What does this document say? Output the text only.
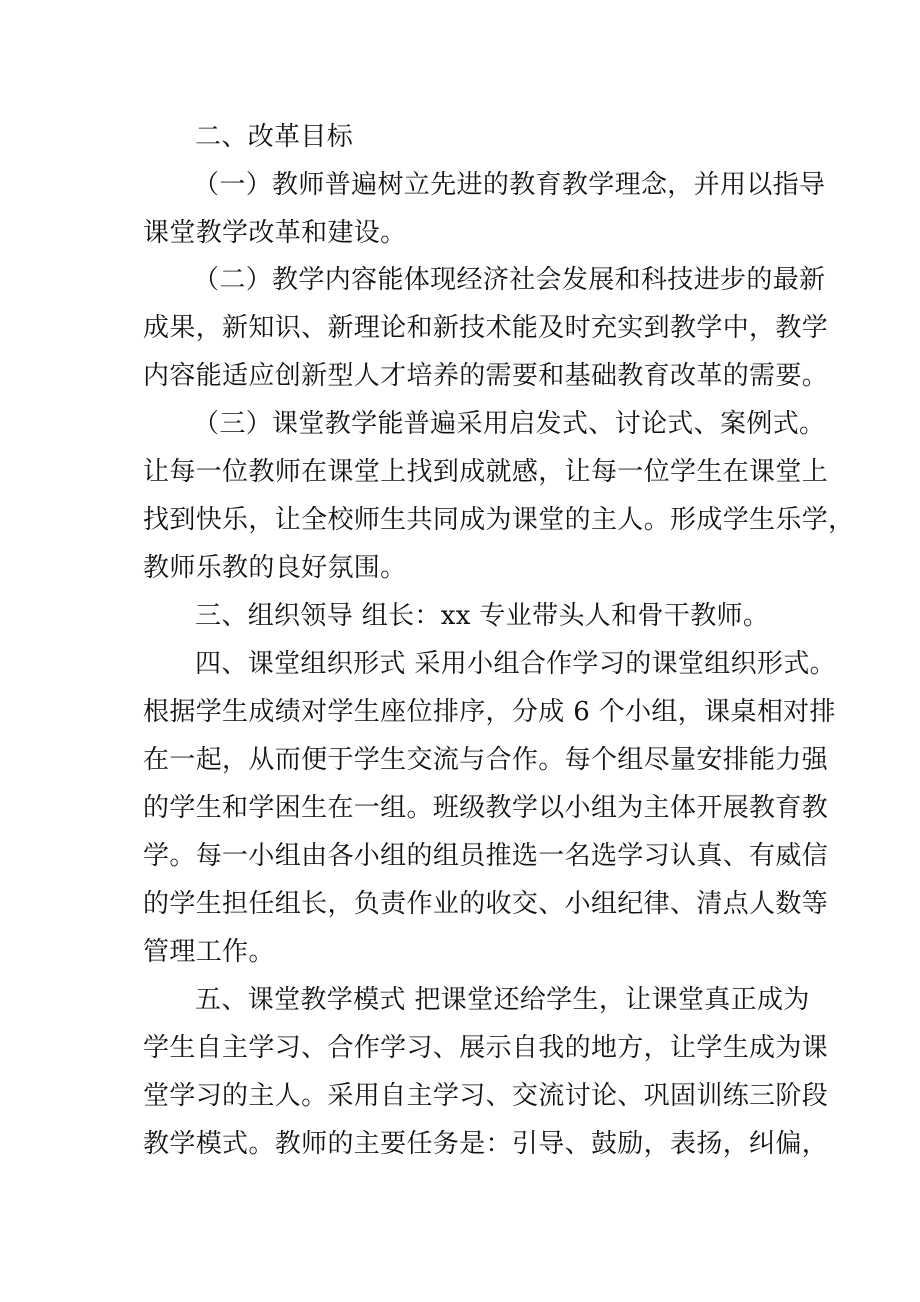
二、改革目标
（一）教师普遍树立先进的教育教学理念，并用以指导
课堂教学改革和建设。
（二）教学内容能体现经济社会发展和科技进步的最新
成果，新知识、新理论和新技术能及时充实到教学中，教学
内容能适应创新型人才培养的需要和基础教育改革的需要。
（三）课堂教学能普遍采用启发式、讨论式、案例式。
让每一位教师在课堂上找到成就感，让每一位学生在课堂上
找到快乐，让全校师生共同成为课堂的主人。形成学生乐学，
教师乐教的良好氛围。
三、组织领导 组长：xx 专业带头人和骨干教师。
四、课堂组织形式 采用小组合作学习的课堂组织形式。
根据学生成绩对学生座位排序，分成 6 个小组，课桌相对排
在一起，从而便于学生交流与合作。每个组尽量安排能力强
的学生和学困生在一组。班级教学以小组为主体开展教育教
学。每一小组由各小组的组员推选一名选学习认真、有威信
的学生担任组长，负责作业的收交、小组纪律、清点人数等
管理工作。
五、课堂教学模式 把课堂还给学生，让课堂真正成为
学生自主学习、合作学习、展示自我的地方，让学生成为课
堂学习的主人。采用自主学习、交流讨论、巩固训练三阶段
教学模式。教师的主要任务是：引导、鼓励，表扬，纠偏，
